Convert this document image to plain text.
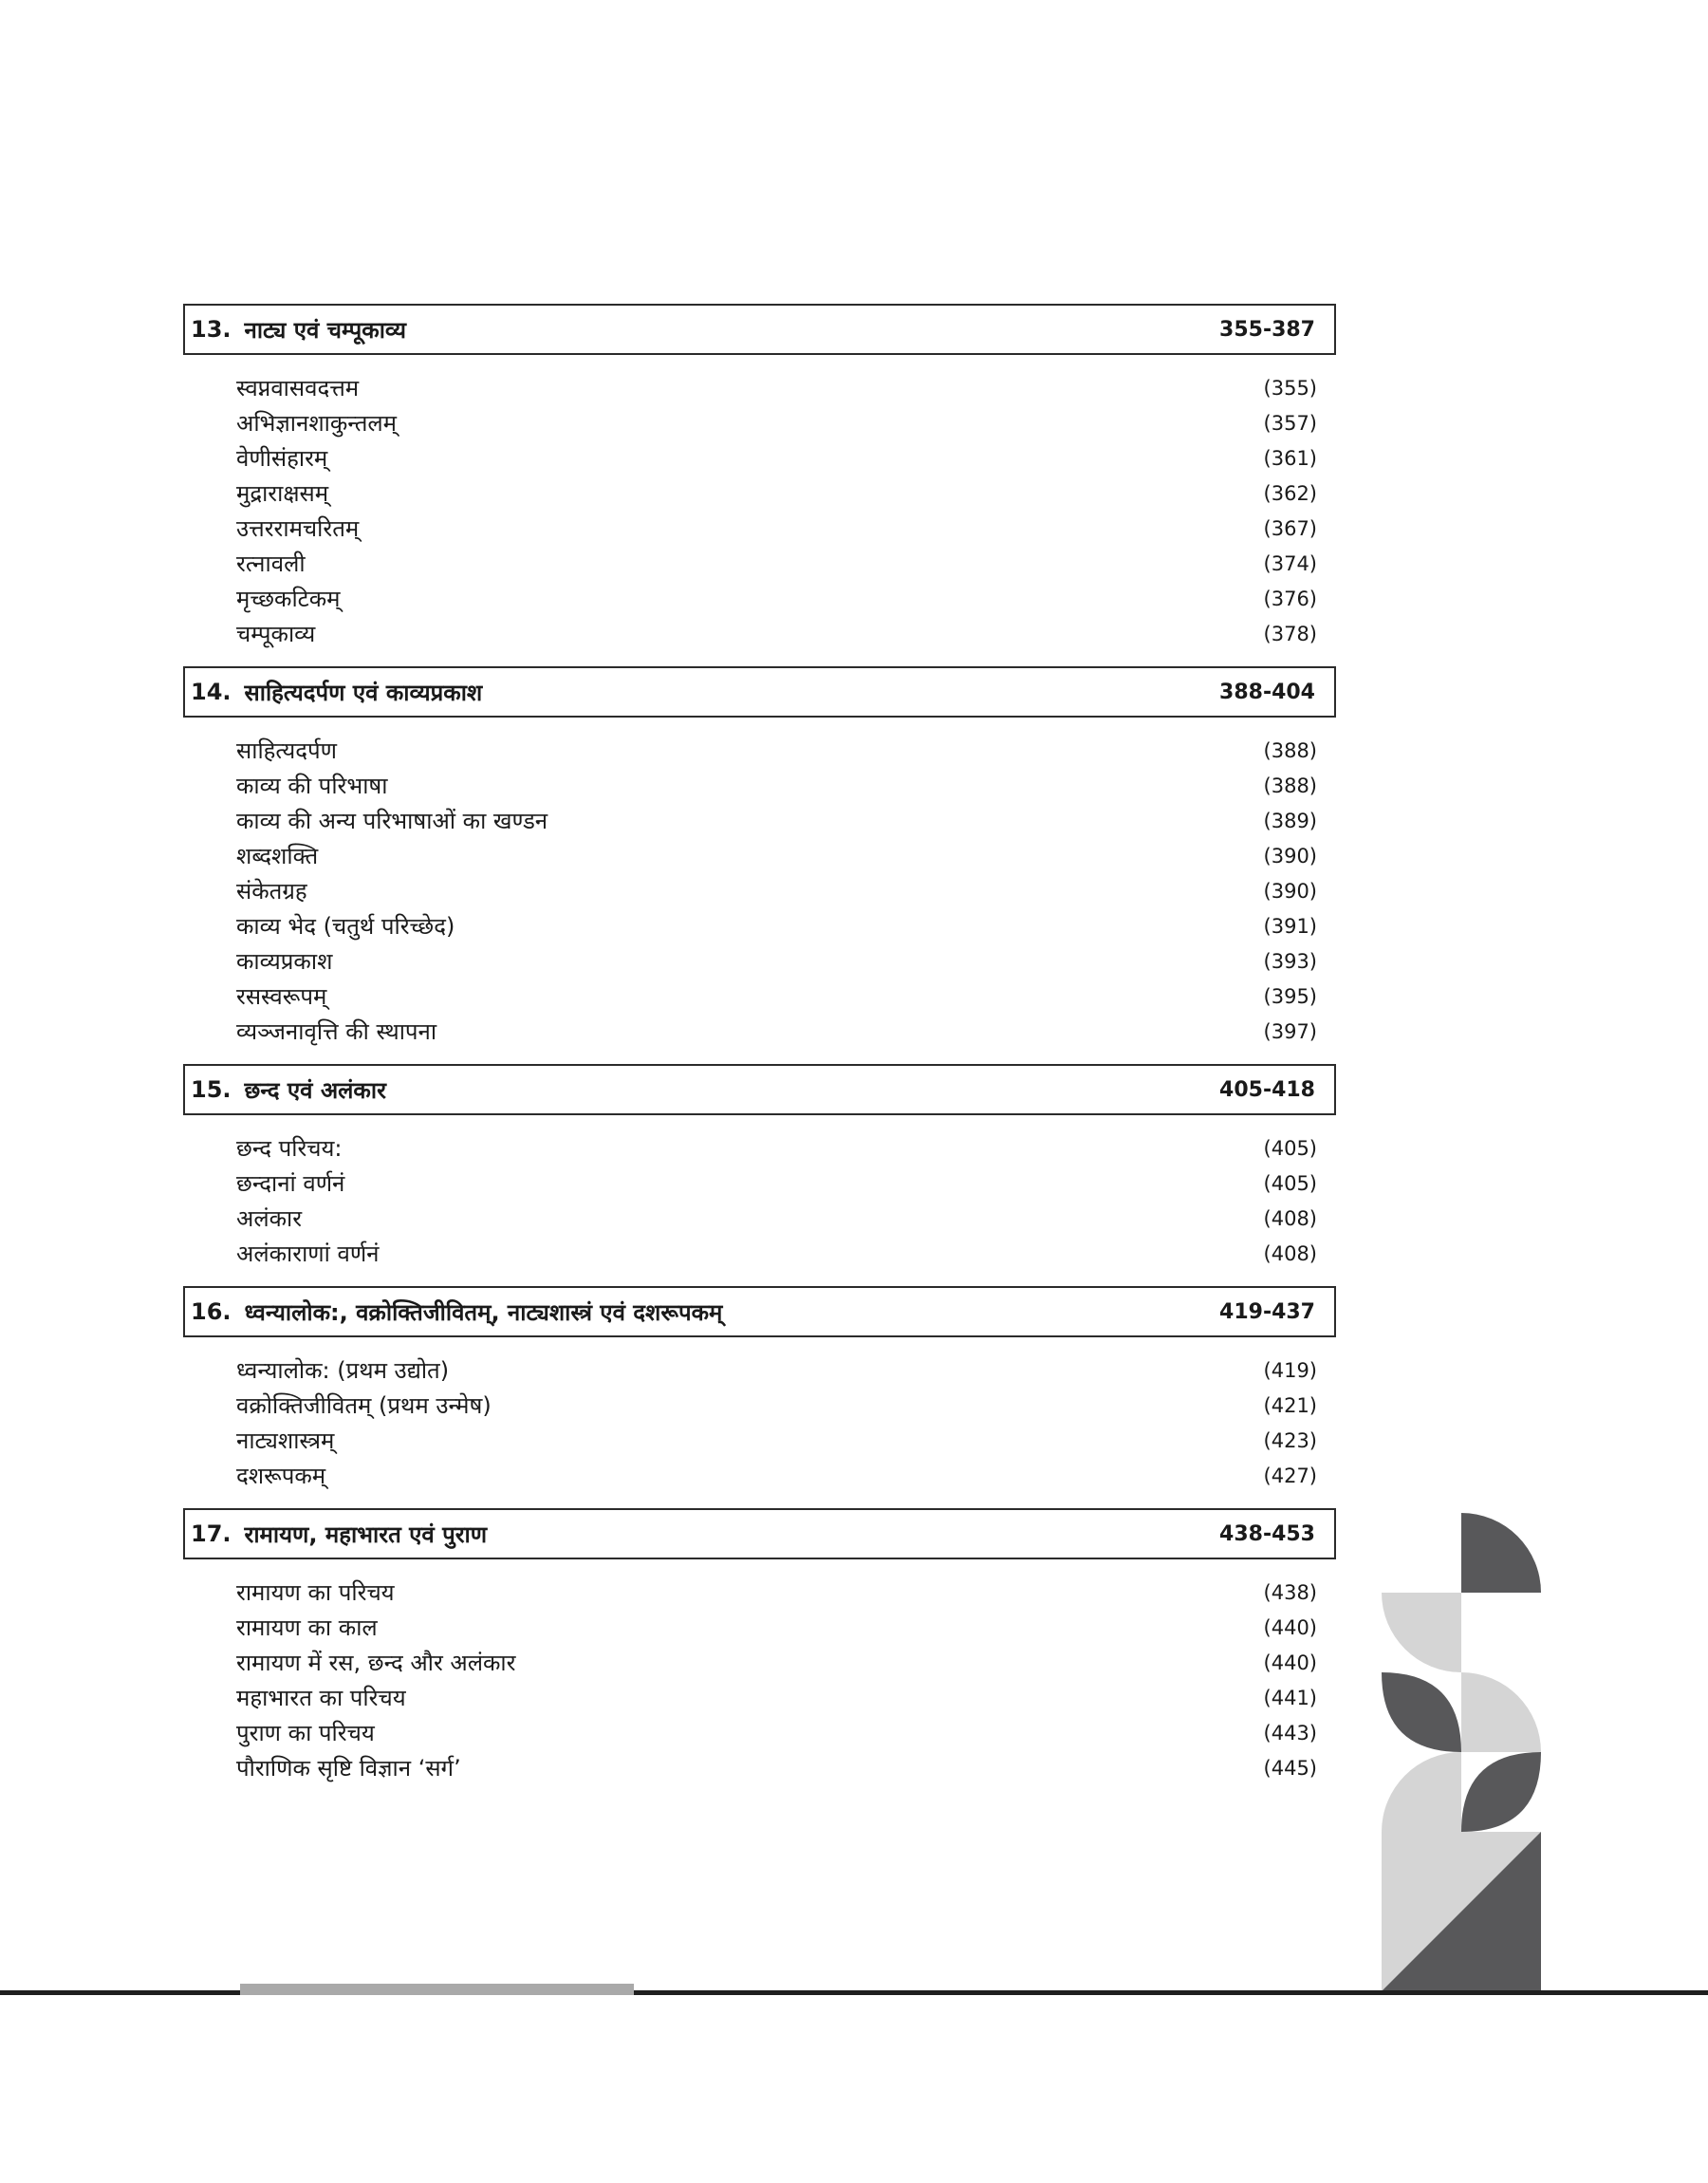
13. नाट्य एवं चम्पूकाव्य	355-387
स्वप्नवासवदत्तम	(355)
अभिज्ञानशाकुन्तलम्	(357)
वेणीसंहारम्	(361)
मुद्राराक्षसम्	(362)
उत्तररामचरितम्	(367)
रत्नावली	(374)
मृच्छकटिकम्	(376)
चम्पूकाव्य	(378)
14. साहित्यदर्पण एवं काव्यप्रकाश	388-404
साहित्यदर्पण	(388)
काव्य की परिभाषा	(388)
काव्य की अन्य परिभाषाओं का खण्डन	(389)
शब्दशक्ति	(390)
संकेतग्रह	(390)
काव्य भेद (चतुर्थ परिच्छेद)	(391)
काव्यप्रकाश	(393)
रसस्वरूपम्	(395)
व्यञ्जनावृत्ति की स्थापना	(397)
15. छन्द एवं अलंकार	405-418
छन्द परिचय:	(405)
छन्दानां वर्णनं	(405)
अलंकार	(408)
अलंकाराणां वर्णनं	(408)
16. ध्वन्यालोक:, वक्रोक्तिजीवितम्, नाट्यशास्त्रं एवं दशरूपकम्	419-437
ध्वन्यालोक: (प्रथम उद्योत)	(419)
वक्रोक्तिजीवितम् (प्रथम उन्मेष)	(421)
नाट्यशास्त्रम्	(423)
दशरूपकम्	(427)
17. रामायण, महाभारत एवं पुराण	438-453
रामायण का परिचय	(438)
रामायण का काल	(440)
रामायण में रस, छन्द और अलंकार	(440)
महाभारत का परिचय	(441)
पुराण का परिचय	(443)
पौराणिक सृष्टि विज्ञान ‘सर्ग’	(445)
